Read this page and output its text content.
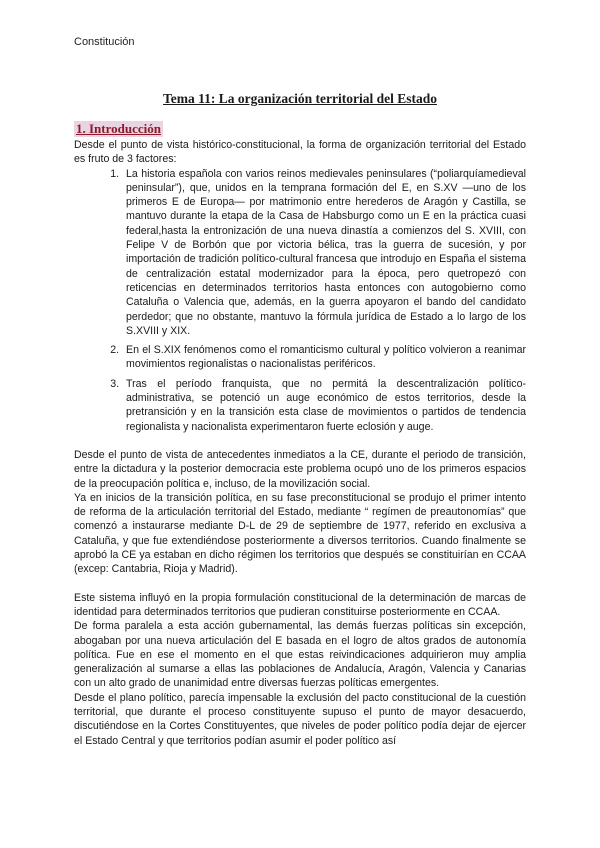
Constitución
Tema 11: La organización territorial del Estado
1. Introducción

Desde el punto de vista histórico-constitucional, la forma de organización territorial del Estado es fruto de 3 factores:

1. La historia española con varios reinos medievales peninsulares (“poliarquíamedieval peninsular”), que, unidos en la temprana formación del E, en S.XV —uno de los primeros E de Europa— por matrimonio entre herederos de Aragón y Castilla, se mantuvo durante la etapa de la Casa de Habsburgo como un E en la práctica cuasi federal,hasta la entronización de una nueva dinastía a comienzos del S. XVIII, con Felipe V de Borbón que por victoria bélica, tras la guerra de sucesión, y por importación de tradición político-cultural francesa que introdujo en España el sistema de centralización estatal modernizador para la época, pero quetropezó con reticencias en determinados territorios hasta entonces con autogobierno como Cataluña o Valencia que, además, en la guerra apoyaron el bando del candidato perdedor; que no obstante, mantuvo la fórmula jurídica de Estado a lo largo de los S.XVIII y XIX.
2. En el S.XIX fenómenos como el romanticismo cultural y político volvieron a reanimar movimientos regionalistas o nacionalistas periféricos.
3. Tras el período franquista, que no permitá la descentralización político-administrativa, se potenció un auge económico de estos territorios, desde la pretransición y en la transición esta clase de movimientos o partidos de tendencia regionalista y nacionalista experimentaron fuerte eclosión y auge.

Desde el punto de vista de antecedentes inmediatos a la CE, durante el periodo de transición, entre la dictadura y la posterior democracia este problema ocupó uno de los primeros espacios de la preocupación política e, incluso, de la movilización social.

Ya en inicios de la transición política, en su fase preconstitucional se produjo el primer intento de reforma de la articulación territorial del Estado, mediante “ regímen de preautonomías” que comenzó a instaurarse mediante D-L de 29 de septiembre de 1977, referido en exclusiva a Cataluña, y que fue extendiéndose posteriormente a diversos territorios. Cuando finalmente se aprobó la CE ya estaban en dicho régimen los territorios que después se constituirían en CCAA (excep: Cantabria, Rioja y Madrid).

Este sistema influyó en la propia formulación constitucional de la determinación de marcas de identidad para determinados territorios que pudieran constituirse posteriormente en CCAA.

De forma paralela a esta acción gubernamental, las demás fuerzas políticas sin excepción, abogaban por una nueva articulación del E basada en el logro de altos grados de autonomía política. Fue en ese el momento en el que estas reivindicaciones adquirieron muy amplia generalización al sumarse a ellas las poblaciones de Andalucía, Aragón, Valencia y Canarias con un alto grado de unanimidad entre diversas fuerzas políticas emergentes.

Desde el plano político, parecía impensable la exclusión del pacto constitucional de la cuestión territorial, que durante el proceso constituyente supuso el punto de mayor desacuerdo, discutiéndose en la Cortes Constituyentes, que niveles de poder político podía dejar de ejercer el Estado Central y que territorios podían asumir el poder político así
